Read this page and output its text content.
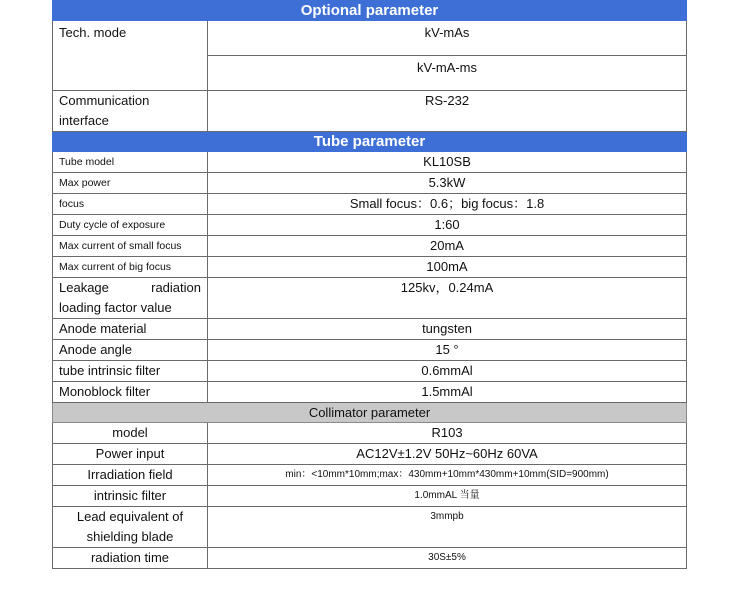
Optional parameter	
Tech. mode	kV-mAs
	kV-mA-ms

Communication
interface	RS-232
Tube parameter	
Tube model	KL10SB
Max power	5.3kW
focus	Small focus：0.6；big focus：1.8
Duty cycle of exposure	1:60
Max current of small focus	20mA
Max current of big focus	100mA

Leakage radiation
loading factor value	125kv，0.24mA
Anode material	tungsten
Anode angle	15 °
tube intrinsic filter	0.6mmAl
Monoblock filter	1.5mmAl
Collimator parameter	
model	R103
Power input	AC12V±1.2V 50Hz~60Hz 60VA
Irradiation field	min：<10mm*10mm;max：430mm+10mm*430mm+10mm(SID=900mm)
intrinsic filter	1.0mmAL 当量

Lead equivalent of
shielding blade	3mmpb
radiation time	30S±5%
